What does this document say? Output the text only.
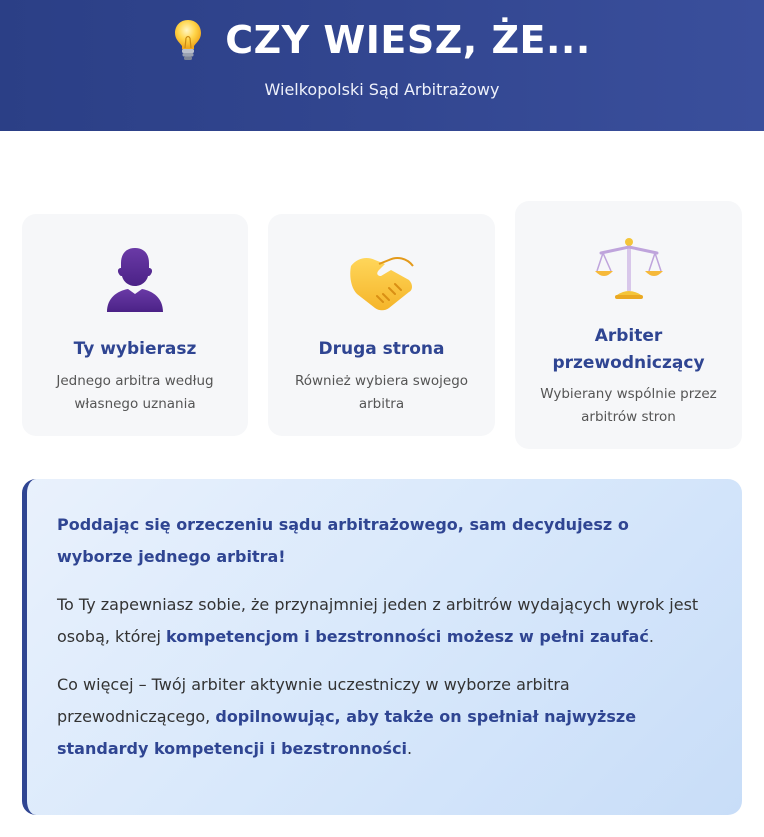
CZY WIESZ, ŻE...
Wielkopolski Sąd Arbitrażowy
Ty wybierasz
Jednego arbitra według własnego uznania
Druga strona
Również wybiera swojego arbitra
Arbiter przewodniczący
Wybierany wspólnie przez arbitrów stron

Poddając się orzeczeniu sądu arbitrażowego, sam decydujesz o wyborze jednego arbitra!

To Ty zapewniasz sobie, że przynajmniej jeden z arbitrów wydających wyrok jest osobą, której kompetencjom i bezstronności możesz w pełni zaufać.

Co więcej – Twój arbiter aktywnie uczestniczy w wyborze arbitra przewodniczącego, dopilnowując, aby także on spełniał najwyższe standardy kompetencji i bezstronności.
